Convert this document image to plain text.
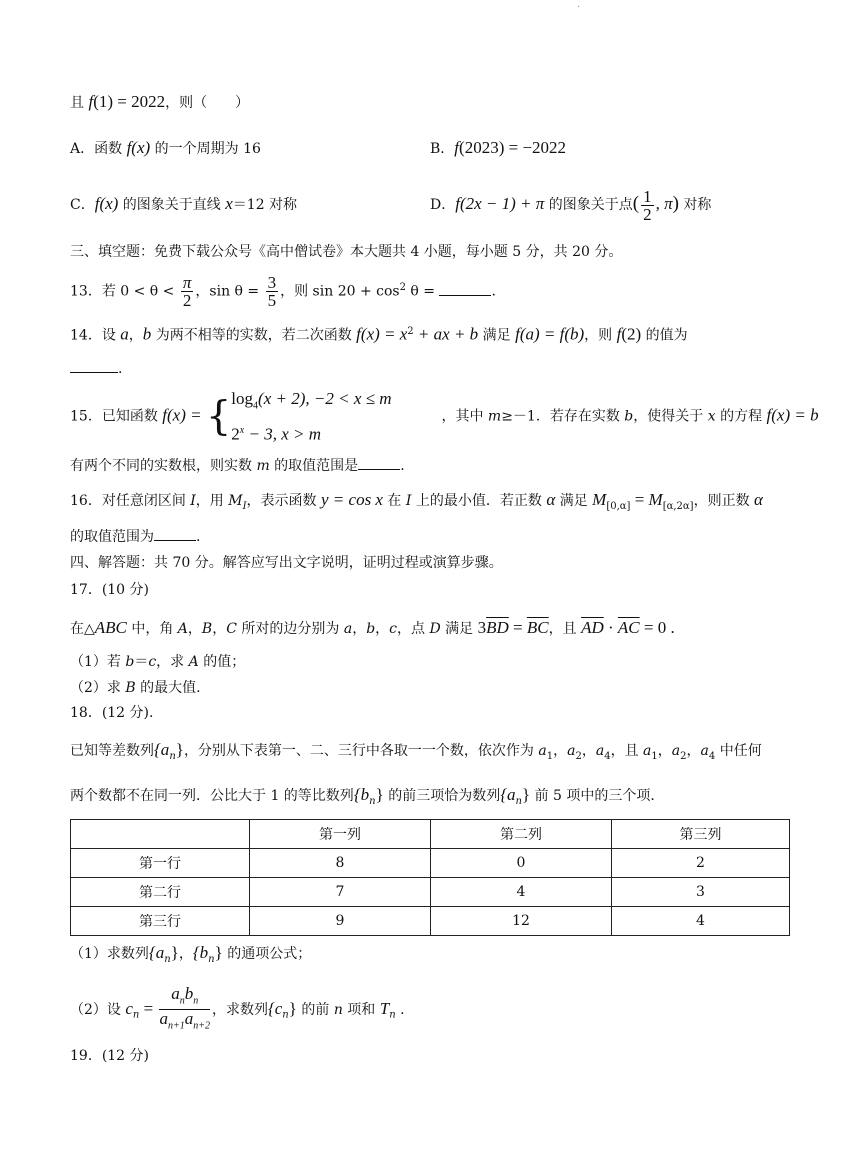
·
且 f(1) = 2022，则（　　）
A．函数 f(x) 的一个周期为 16	B．f(2023) = −2022
C．f(x) 的图象关于直线 x＝12 对称	D．f(2x − 1) + π 的图象关于点( $\frac{1}{2}$ , π) 对称
三、填空题：免费下载公众号《高中僧试卷》本大题共 4 小题，每小题 5 分，共 20 分。
13．若 $0 < \theta < \frac{\pi}{2}$ ，$\sin \theta = \frac{3}{5}$ ，则 $\sin 20 + \cos^2 \theta$ =	.
14．设 a，b 为两不相等的实数，若二次函数 $f(x) = x^2$ + ax + b 满足 f(a) = f(b)，则 f(2) 的值为
.
15．已知函数 f(x) = { $\log_4(x + 2)$, −2 < x ≤ m
$2^x - 3$, x > m
，其中 m≥－1．若存在实数 b，使得关于 x 的方程 f(x) = b
有两个不同的实数根，则实数 m 的取值范围是	.
16．对任意闭区间 I，用 $M_I$，表示函数 y = cos x 在 I 上的最小值．若正数 α 满足 $M_{[0,\alpha]} = M_{[\alpha,2\alpha]}$，则正数 α
的取值范围为	.
四、解答题：共 70 分。解答应写出文字说明，证明过程或演算步骤。
17．(10 分)
在△ABC 中，角 A，B，C 所对的边分别为 a，b，c，点 D 满足 $3\overline{BD} = \overline{BC}$，且 $\overline{AD} \cdot \overline{AC} = 0$ .
（1）若 b＝c，求 A 的值；
（2）求 B 的最大值.
18．(12 分).
已知等差数列$\{a_n\}$，分别从下表第一、二、三行中各取一一个数，依次作为 $a_1$，$a_2$，$a_4$，且 $a_1$，$a_2$，$a_4$ 中任何
两个数都不在同一列．公比大于 1 的等比数列$\{b_n\}$ 的前三项恰为数列$\{a_n\}$ 前 5 项中的三个项.
	第一列	第二列	第三列
第一行	8	0	2
第二行	7	4	3
第三行	9	12	4
（1）求数列$\{a_n\}$，$\{b_n\}$ 的通项公式；
（2）设 $c_n = \frac{a_nb_n}{a_{n+1}a_{n+2}}$ ，求数列$\{c_n\}$ 的前 n 项和 $T_n$ .
19．(12 分)
